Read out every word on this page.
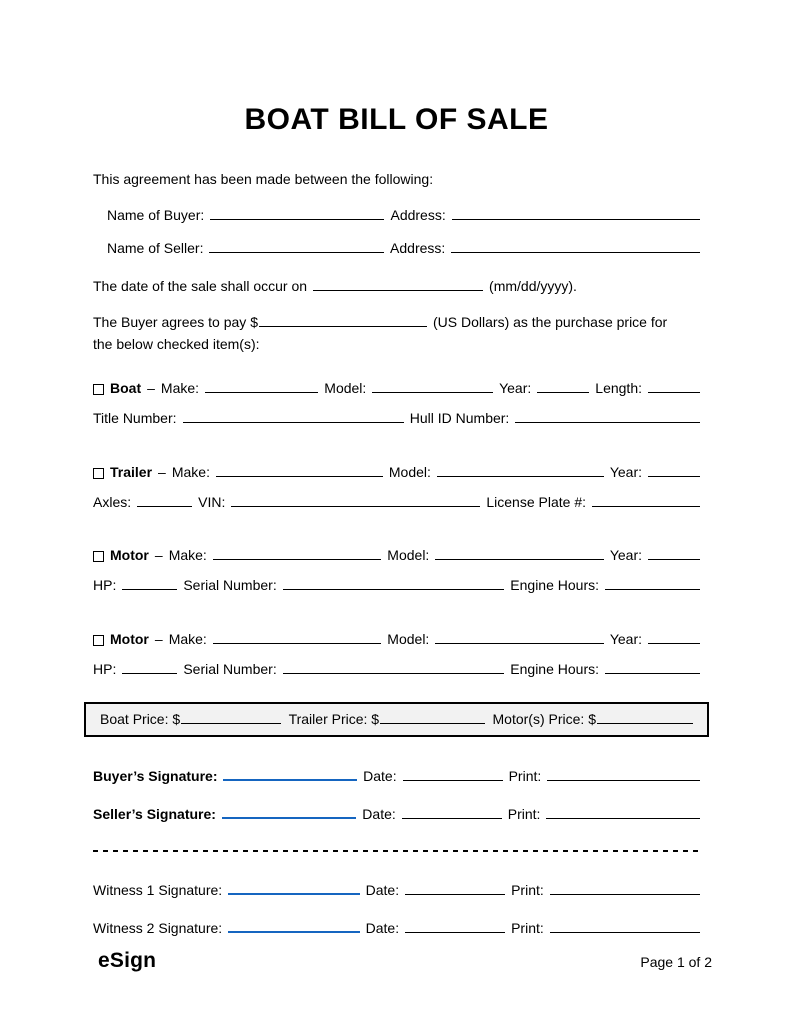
BOAT BILL OF SALE
This agreement has been made between the following:
Name of Buyer:	Address:
Name of Seller:	Address:
The date of the sale shall occur on	(mm/dd/yyyy).
The Buyer agrees to pay $	(US Dollars) as the purchase price for
the below checked item(s):
Boat – Make:	Model:	Year:	Length:
Title Number:	Hull ID Number:
Trailer – Make:	Model:	Year:
Axles:	VIN:	License Plate #:
Motor – Make:	Model:	Year:
HP:	Serial Number:	Engine Hours:
Motor – Make:	Model:	Year:
HP:	Serial Number:	Engine Hours:
Boat Price: $	Trailer Price: $	Motor(s) Price: $
Buyer’s Signature:	Date:	Print:
Seller’s Signature:	Date:	Print:
Witness 1 Signature:	Date:	Print:
Witness 2 Signature:	Date:	Print:
eSign	Page 1 of 2
